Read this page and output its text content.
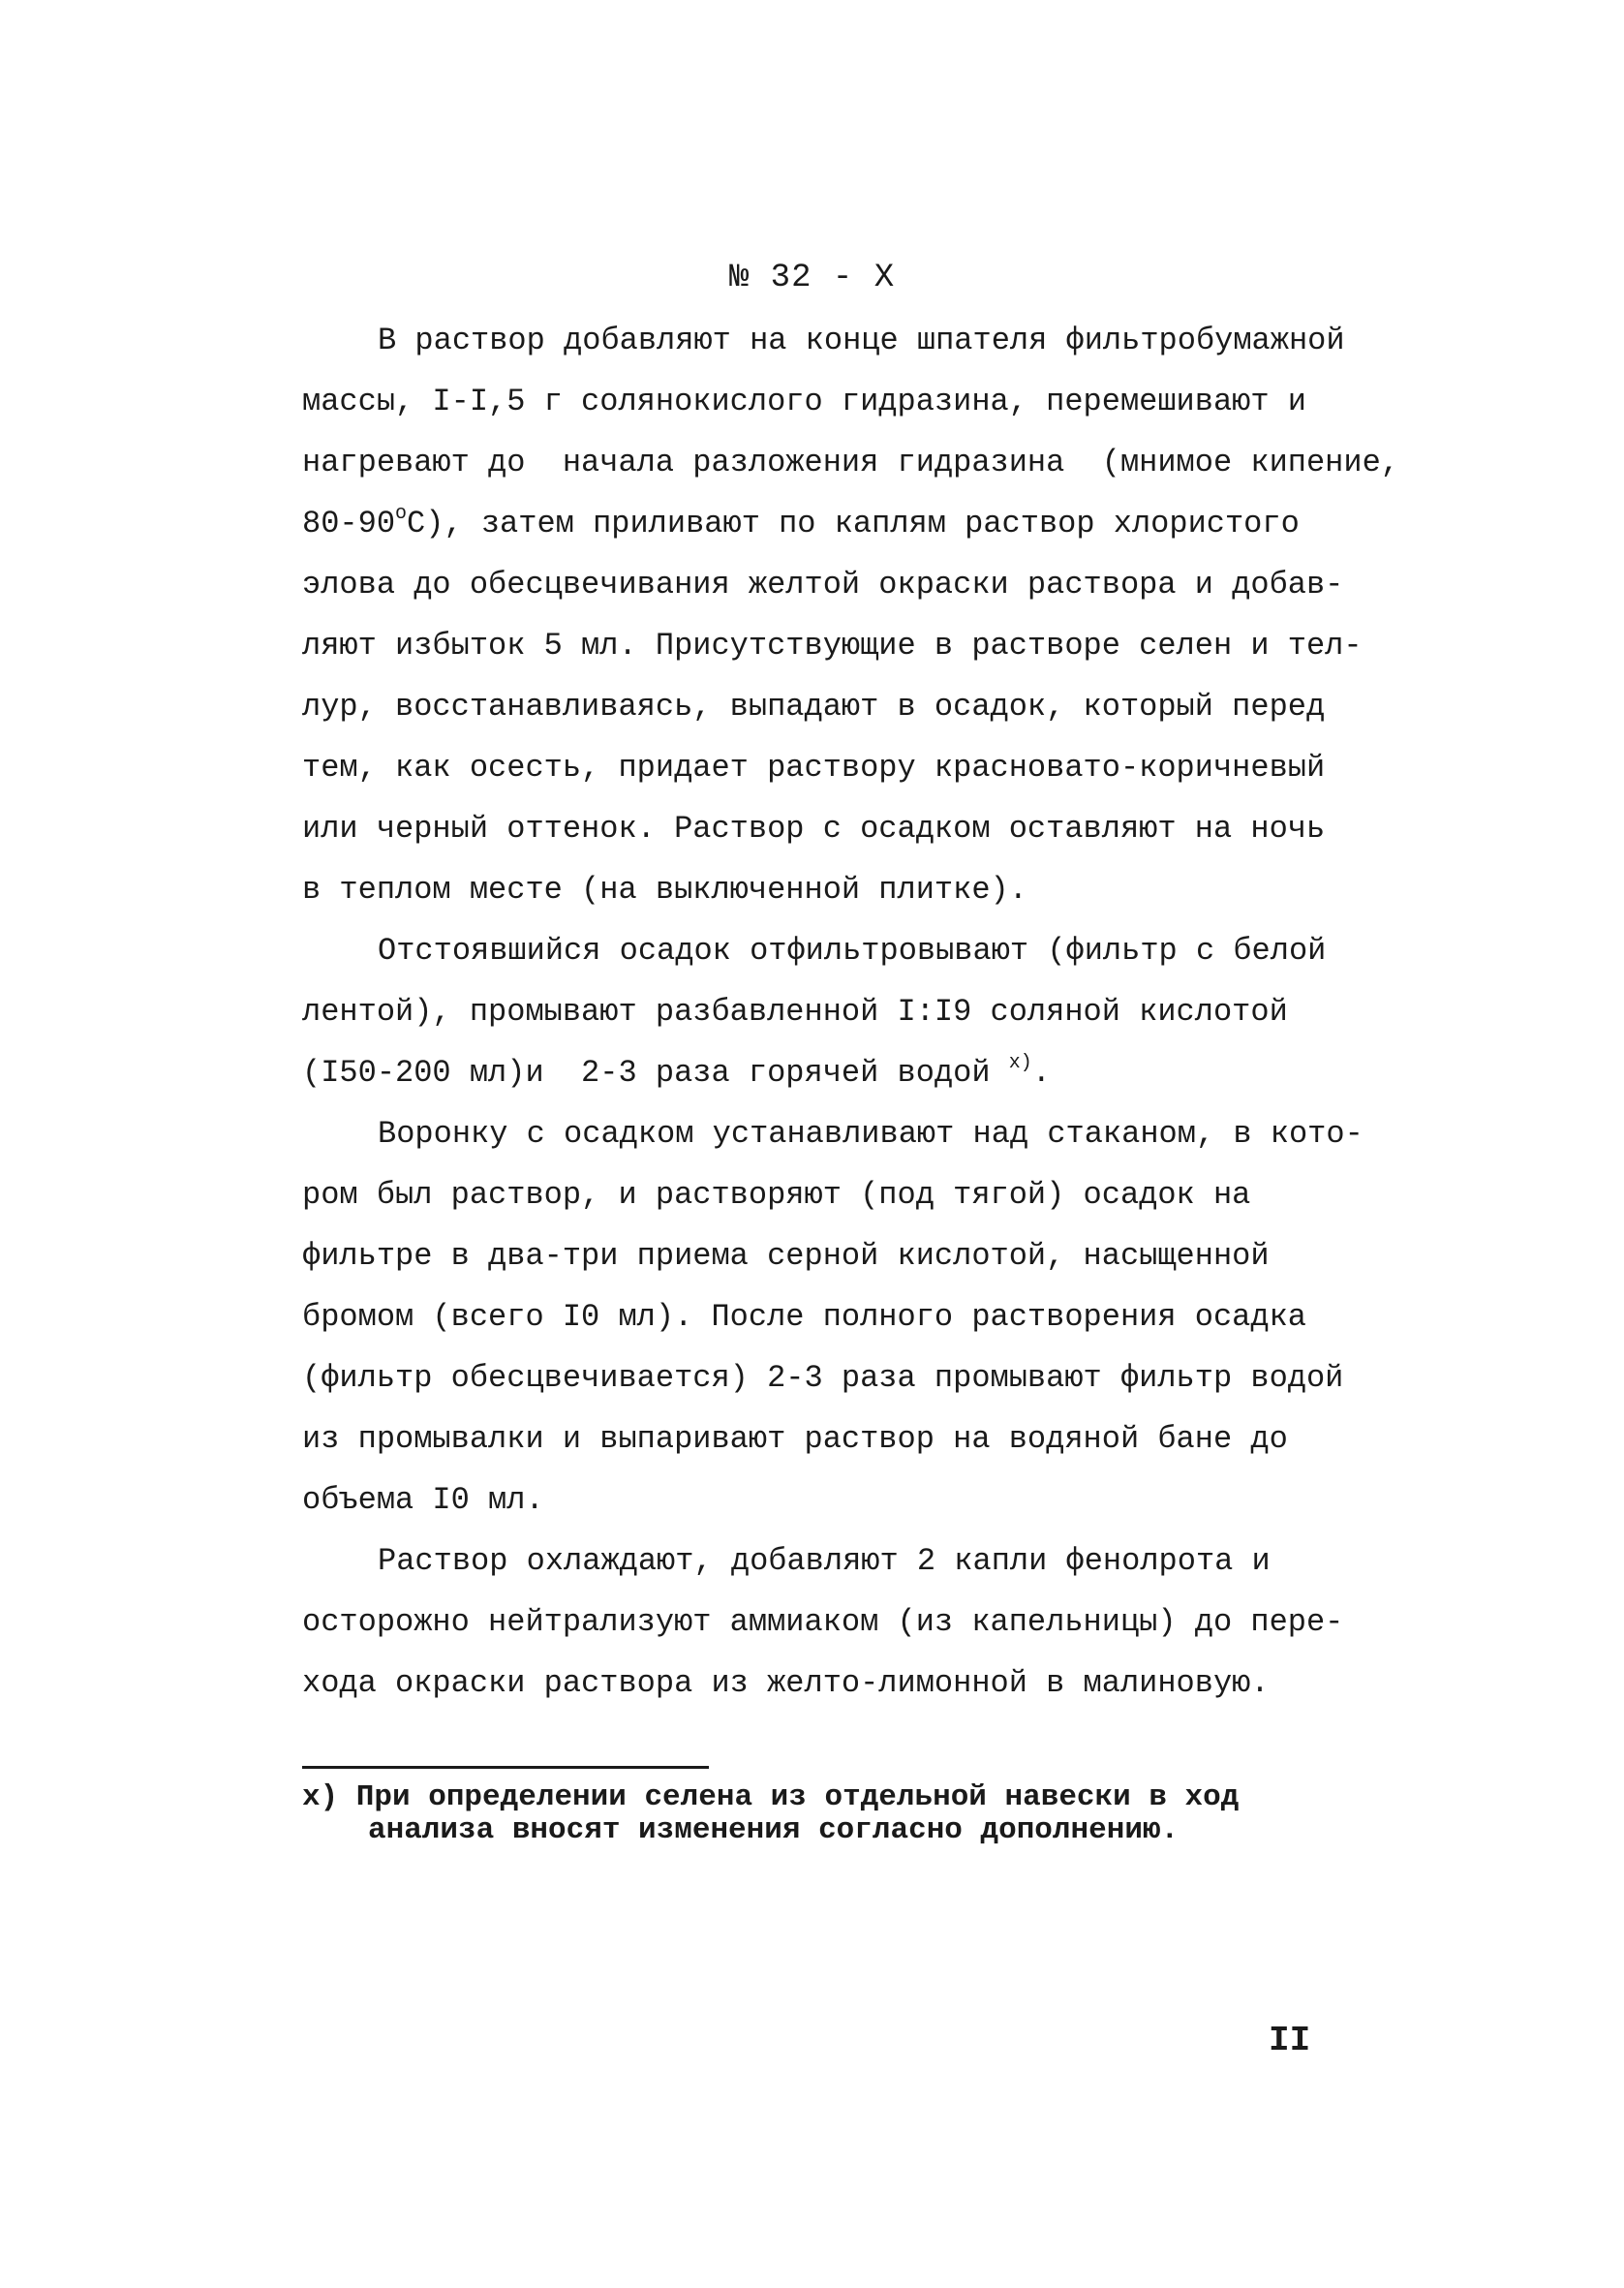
№ 32 - X
В раствор добавляют на конце шпателя фильтробумажной
массы, I-I,5 г солянокислого гидразина, перемешивают и
нагревают до  начала разложения гидразина  (мнимое кипение,
$80-90^оС$), затем приливают по каплям раствор хлористого
элова до обесцвечивания желтой окраски раствора и добав-
ляют избыток 5 мл. Присутствующие в растворе селен и тел-
лур, восстанавливаясь, выпадают в осадок, который перед
тем, как осесть, придает раствору красновато-коричневый
или черный оттенок. Раствор с осадком оставляют на ночь
в теплом месте (на выключенной плитке).
Отстоявшийся осадок отфильтровывают (фильтр с белой
лентой), промывают разбавленной I:I9 соляной кислотой
(I50-200 мл)и  2-3 раза горячей водой $^{x)}$.
Воронку с осадком устанавливают над стаканом, в кото-
ром был раствор, и растворяют (под тягой) осадок на
фильтре в два-три приема серной кислотой, насыщенной
бромом (всего I0 мл). После полного растворения осадка
(фильтр обесцвечивается) 2-3 раза промывают фильтр водой
из промывалки и выпаривают раствор на водяной бане до
объема I0 мл.
Раствор охлаждают, добавляют 2 капли фенолрота и
осторожно нейтрализуют аммиаком (из капельницы) до пере-
хода окраски раствора из желто-лимонной в малиновую.
x) При определении селена из отдельной навески в ход
анализа вносят изменения согласно дополнению.
II
